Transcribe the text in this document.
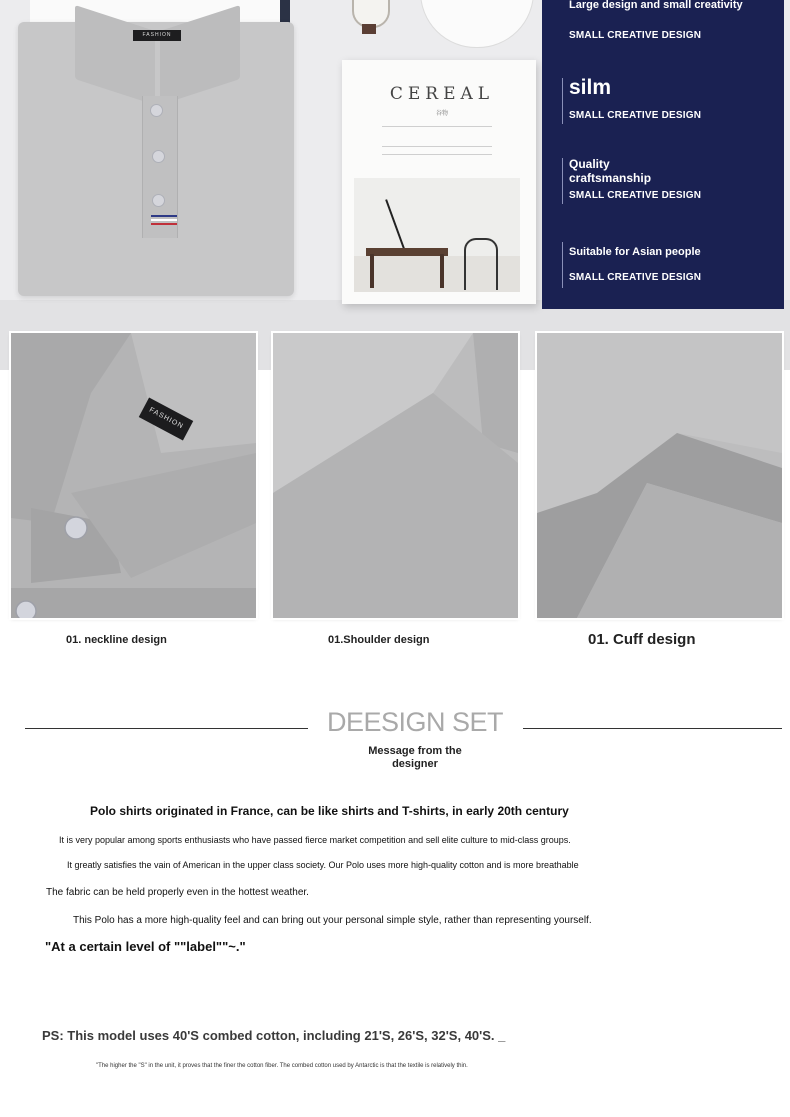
FASHION
CEREAL
谷物
Large design and small creativity
SMALL CREATIVE DESIGN
silm
SMALL CREATIVE DESIGN
Quality craftsmanship
SMALL CREATIVE DESIGN
Suitable for Asian people
SMALL CREATIVE DESIGN
FASHION
01. neckline design	01.Shoulder design	01. Cuff design
DEESIGN SET
Message from the designer
Polo shirts originated in France, can be like shirts and T-shirts, in early 20th century
It is very popular among sports enthusiasts who have passed fierce market competition and sell elite culture to mid-class groups.
It greatly satisfies the vain of American in the upper class society. Our Polo uses more high-quality cotton and is more breathable
The fabric can be held properly even in the hottest weather.
This Polo has a more high-quality feel and can bring out your personal simple style, rather than representing yourself.
"At a certain level of ""label""~."
PS: This model uses 40'S combed cotton, including 21'S, 26'S, 32'S, 40'S. _
"The higher the "S" in the unit, it proves that the finer the cotton fiber. The combed cotton used by Antarctic is that the textile is relatively thin.
